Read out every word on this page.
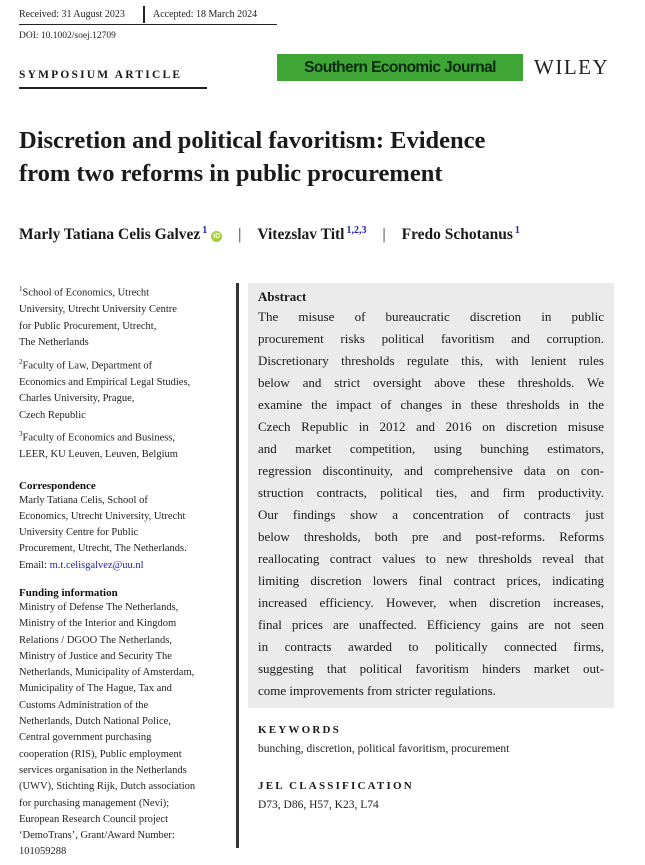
Received: 31 August 2023	Accepted: 18 March 2024
DOI: 10.1002/soej.12709
SYMPOSIUM ARTICLE	Southern Economic Journal	WILEY
Discretion and political favoritism: Evidence
from two reforms in public procurement
Marly Tatiana Celis Galvez $^1$
iD | Vitezslav Titl $^{1,2,3}$ | Fredo Schotanus $^1$
$^1$School of Economics, Utrecht
University, Utrecht University Centre
for Public Procurement, Utrecht,
The Netherlands
$^2$Faculty of Law, Department of
Economics and Empirical Legal Studies,
Charles University, Prague,
Czech Republic
$^3$Faculty of Economics and Business,
LEER, KU Leuven, Leuven, Belgium
Correspondence
Marly Tatiana Celis, School of
Economics, Utrecht University, Utrecht
University Centre for Public
Procurement, Utrecht, The Netherlands.
Email: m.t.celisgalvez@uu.nl
Funding information
Ministry of Defense The Netherlands,
Ministry of the Interior and Kingdom
Relations / DGOO The Netherlands,
Ministry of Justice and Security The
Netherlands, Municipality of Amsterdam,
Municipality of The Hague, Tax and
Customs Administration of the
Netherlands, Dutch National Police,
Central government purchasing
cooperation (RIS), Public employment
services organisation in the Netherlands
(UWV), Stichting Rijk, Dutch association
for purchasing management (Nevi);
European Research Council project
‘DemoTrans’, Grant/Award Number:
101059288
Abstract
The misuse of bureaucratic discretion in public
procurement risks political favoritism and corruption.
Discretionary thresholds regulate this, with lenient rules
below and strict oversight above these thresholds. We
examine the impact of changes in these thresholds in the
Czech Republic in 2012 and 2016 on discretion misuse
and market competition, using bunching estimators,
regression discontinuity, and comprehensive data on con-
struction contracts, political ties, and firm productivity.
Our findings show a concentration of contracts just
below thresholds, both pre and post-reforms. Reforms
reallocating contract values to new thresholds reveal that
limiting discretion lowers final contract prices, indicating
increased efficiency. However, when discretion increases,
final prices are unaffected. Efficiency gains are not seen
in contracts awarded to politically connected firms,
suggesting that political favoritism hinders market out-
come improvements from stricter regulations.
KEYWORDS
bunching, discretion, political favoritism, procurement
JEL CLASSIFICATION
D73, D86, H57, K23, L74
